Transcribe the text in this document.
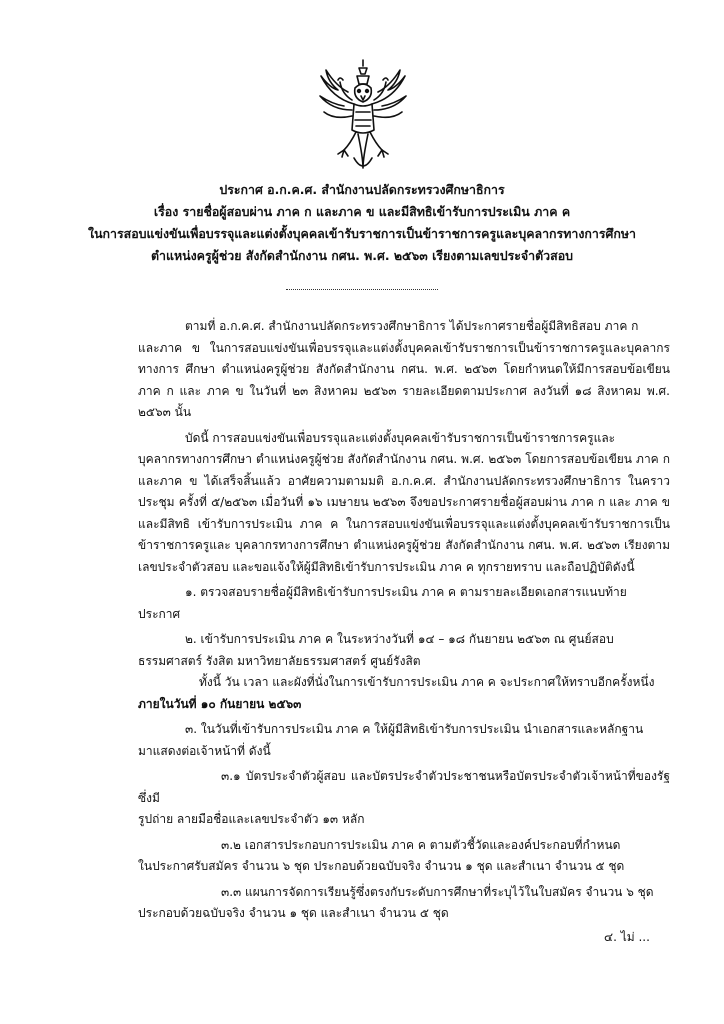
ประกาศ อ.ก.ค.ศ. สำนักงานปลัดกระทรวงศึกษาธิการ
เรื่อง รายชื่อผู้สอบผ่าน ภาค ก และภาค ข และมีสิทธิเข้ารับการประเมิน ภาค ค
ในการสอบแข่งขันเพื่อบรรจุและแต่งตั้งบุคคลเข้ารับราชการเป็นข้าราชการครูและบุคลากรทางการศึกษา
ตำแหน่งครูผู้ช่วย สังกัดสำนักงาน กศน. พ.ศ. ๒๕๖๓ เรียงตามเลขประจำตัวสอบ

ตามที่ อ.ก.ค.ศ. สำนักงานปลัดกระทรวงศึกษาธิการ ได้ประกาศรายชื่อผู้มีสิทธิสอบ ภาค ก

และภาค ข ในการสอบแข่งขันเพื่อบรรจุและแต่งตั้งบุคคลเข้ารับราชการเป็นข้าราชการครูและบุคลากรทางการ ศึกษา ตำแหน่งครูผู้ช่วย สังกัดสำนักงาน กศน. พ.ศ. ๒๕๖๓ โดยกำหนดให้มีการสอบข้อเขียน ภาค ก และ ภาค ข ในวันที่ ๒๓ สิงหาคม ๒๕๖๓ รายละเอียดตามประกาศ ลงวันที่ ๑๘ สิงหาคม พ.ศ. ๒๕๖๓ นั้น

บัดนี้ การสอบแข่งขันเพื่อบรรจุและแต่งตั้งบุคคลเข้ารับราชการเป็นข้าราชการครูและ

บุคลากรทางการศึกษา ตำแหน่งครูผู้ช่วย สังกัดสำนักงาน กศน. พ.ศ. ๒๕๖๓ โดยการสอบข้อเขียน ภาค ก และภาค ข ได้เสร็จสิ้นแล้ว อาศัยความตามมติ อ.ก.ค.ศ. สำนักงานปลัดกระทรวงศึกษาธิการ ในคราวประชุม ครั้งที่ ๕/๒๕๖๓ เมื่อวันที่ ๑๖ เมษายน ๒๕๖๓ จึงขอประกาศรายชื่อผู้สอบผ่าน ภาค ก และ ภาค ข และมีสิทธิ เข้ารับการประเมิน ภาค ค ในการสอบแข่งขันเพื่อบรรจุและแต่งตั้งบุคคลเข้ารับราชการเป็นข้าราชการครูและ บุคลากรทางการศึกษา ตำแหน่งครูผู้ช่วย สังกัดสำนักงาน กศน. พ.ศ. ๒๕๖๓ เรียงตามเลขประจำตัวสอบ และขอแจ้งให้ผู้มีสิทธิเข้ารับการประเมิน ภาค ค ทุกรายทราบ และถือปฏิบัติดังนี้

๑. ตรวจสอบรายชื่อผู้มีสิทธิเข้ารับการประเมิน ภาค ค ตามรายละเอียดเอกสารแนบท้าย

ประกาศ

๒. เข้ารับการประเมิน ภาค ค ในระหว่างวันที่ ๑๔ – ๑๘ กันยายน ๒๕๖๓ ณ ศูนย์สอบ

ธรรมศาสตร์ รังสิต มหาวิทยาลัยธรรมศาสตร์ ศูนย์รังสิต

ทั้งนี้ วัน เวลา และผังที่นั่งในการเข้ารับการประเมิน ภาค ค จะประกาศให้ทราบอีกครั้งหนึ่ง

ภายในวันที่ ๑๐ กันยายน ๒๕๖๓

๓. ในวันที่เข้ารับการประเมิน ภาค ค ให้ผู้มีสิทธิเข้ารับการประเมิน นำเอกสารและหลักฐาน

มาแสดงต่อเจ้าหน้าที่ ดังนี้

๓.๑ บัตรประจำตัวผู้สอบ และบัตรประจำตัวประชาชนหรือบัตรประจำตัวเจ้าหน้าที่ของรัฐซึ่งมี

รูปถ่าย ลายมือชื่อและเลขประจำตัว ๑๓ หลัก

๓.๒ เอกสารประกอบการประเมิน ภาค ค ตามตัวชี้วัดและองค์ประกอบที่กำหนด

ในประกาศรับสมัคร จำนวน ๖ ชุด ประกอบด้วยฉบับจริง จำนวน ๑ ชุด และสำเนา จำนวน ๕ ชุด

๓.๓ แผนการจัดการเรียนรู้ซึ่งตรงกับระดับการศึกษาที่ระบุไว้ในใบสมัคร จำนวน ๖ ชุด

ประกอบด้วยฉบับจริง จำนวน ๑ ชุด และสำเนา จำนวน ๕ ชุด

๔. ไม่ ...
